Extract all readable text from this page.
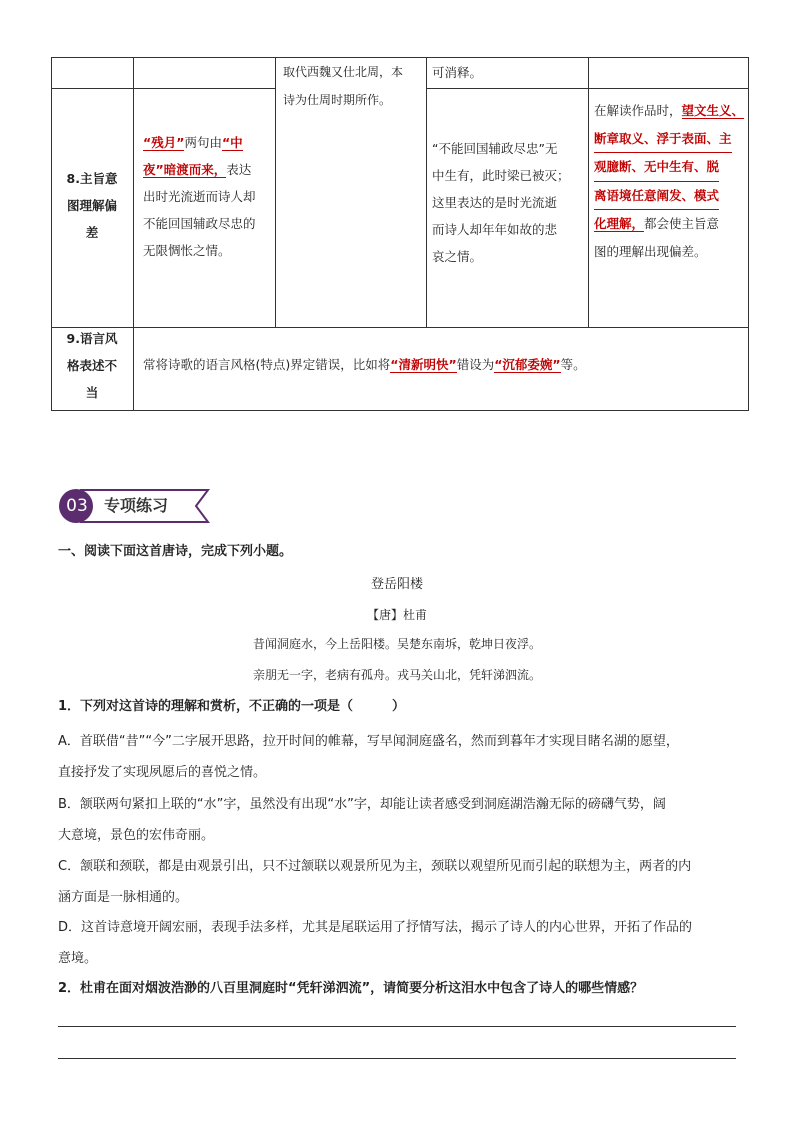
取代西魏又仕北周，本
诗为仕周时期所作。
可消释。
8.主旨意
图理解偏
差
“残月”两句由“中
夜”暗渡而来，表达
出时光流逝而诗人却
不能回国辅政尽忠的
无限惆怅之情。
“不能回国辅政尽忠”无
中生有，此时梁已被灭；
这里表达的是时光流逝
而诗人却年年如故的悲
哀之情。
在解读作品时，望文生义、
断章取义、浮于表面、主 观臆断、无中生有、脱 离语境任意阐发、模式
化理解，都会使主旨意
图的理解出现偏差。
9.语言风
格表述不
当
常将诗歌的语言风格(特点)界定错误，比如将“清新明快”错设为“沉郁委婉”等。
03	专项练习
一、阅读下面这首唐诗，完成下列小题。
登岳阳楼
【唐】杜甫
昔闻洞庭水，今上岳阳楼。吴楚东南坼，乾坤日夜浮。
亲朋无一字，老病有孤舟。戎马关山北，凭轩涕泗流。
1．下列对这首诗的理解和赏析，不正确的一项是（　　　）
A．首联借“昔”“今”二字展开思路，拉开时间的帷幕，写早闻洞庭盛名，然而到暮年才实现目睹名湖的愿望，
直接抒发了实现夙愿后的喜悦之情。
B．颔联两句紧扣上联的“水”字，虽然没有出现“水”字，却能让读者感受到洞庭湖浩瀚无际的磅礴气势，阔
大意境，景色的宏伟奇丽。
C．颔联和颈联，都是由观景引出，只不过颔联以观景所见为主，颈联以观望所见而引起的联想为主，两者的内
涵方面是一脉相通的。
D．这首诗意境开阔宏丽，表现手法多样，尤其是尾联运用了抒情写法，揭示了诗人的内心世界，开拓了作品的
意境。
2．杜甫在面对烟波浩渺的八百里洞庭时“凭轩涕泗流”，请简要分析这泪水中包含了诗人的哪些情感？
